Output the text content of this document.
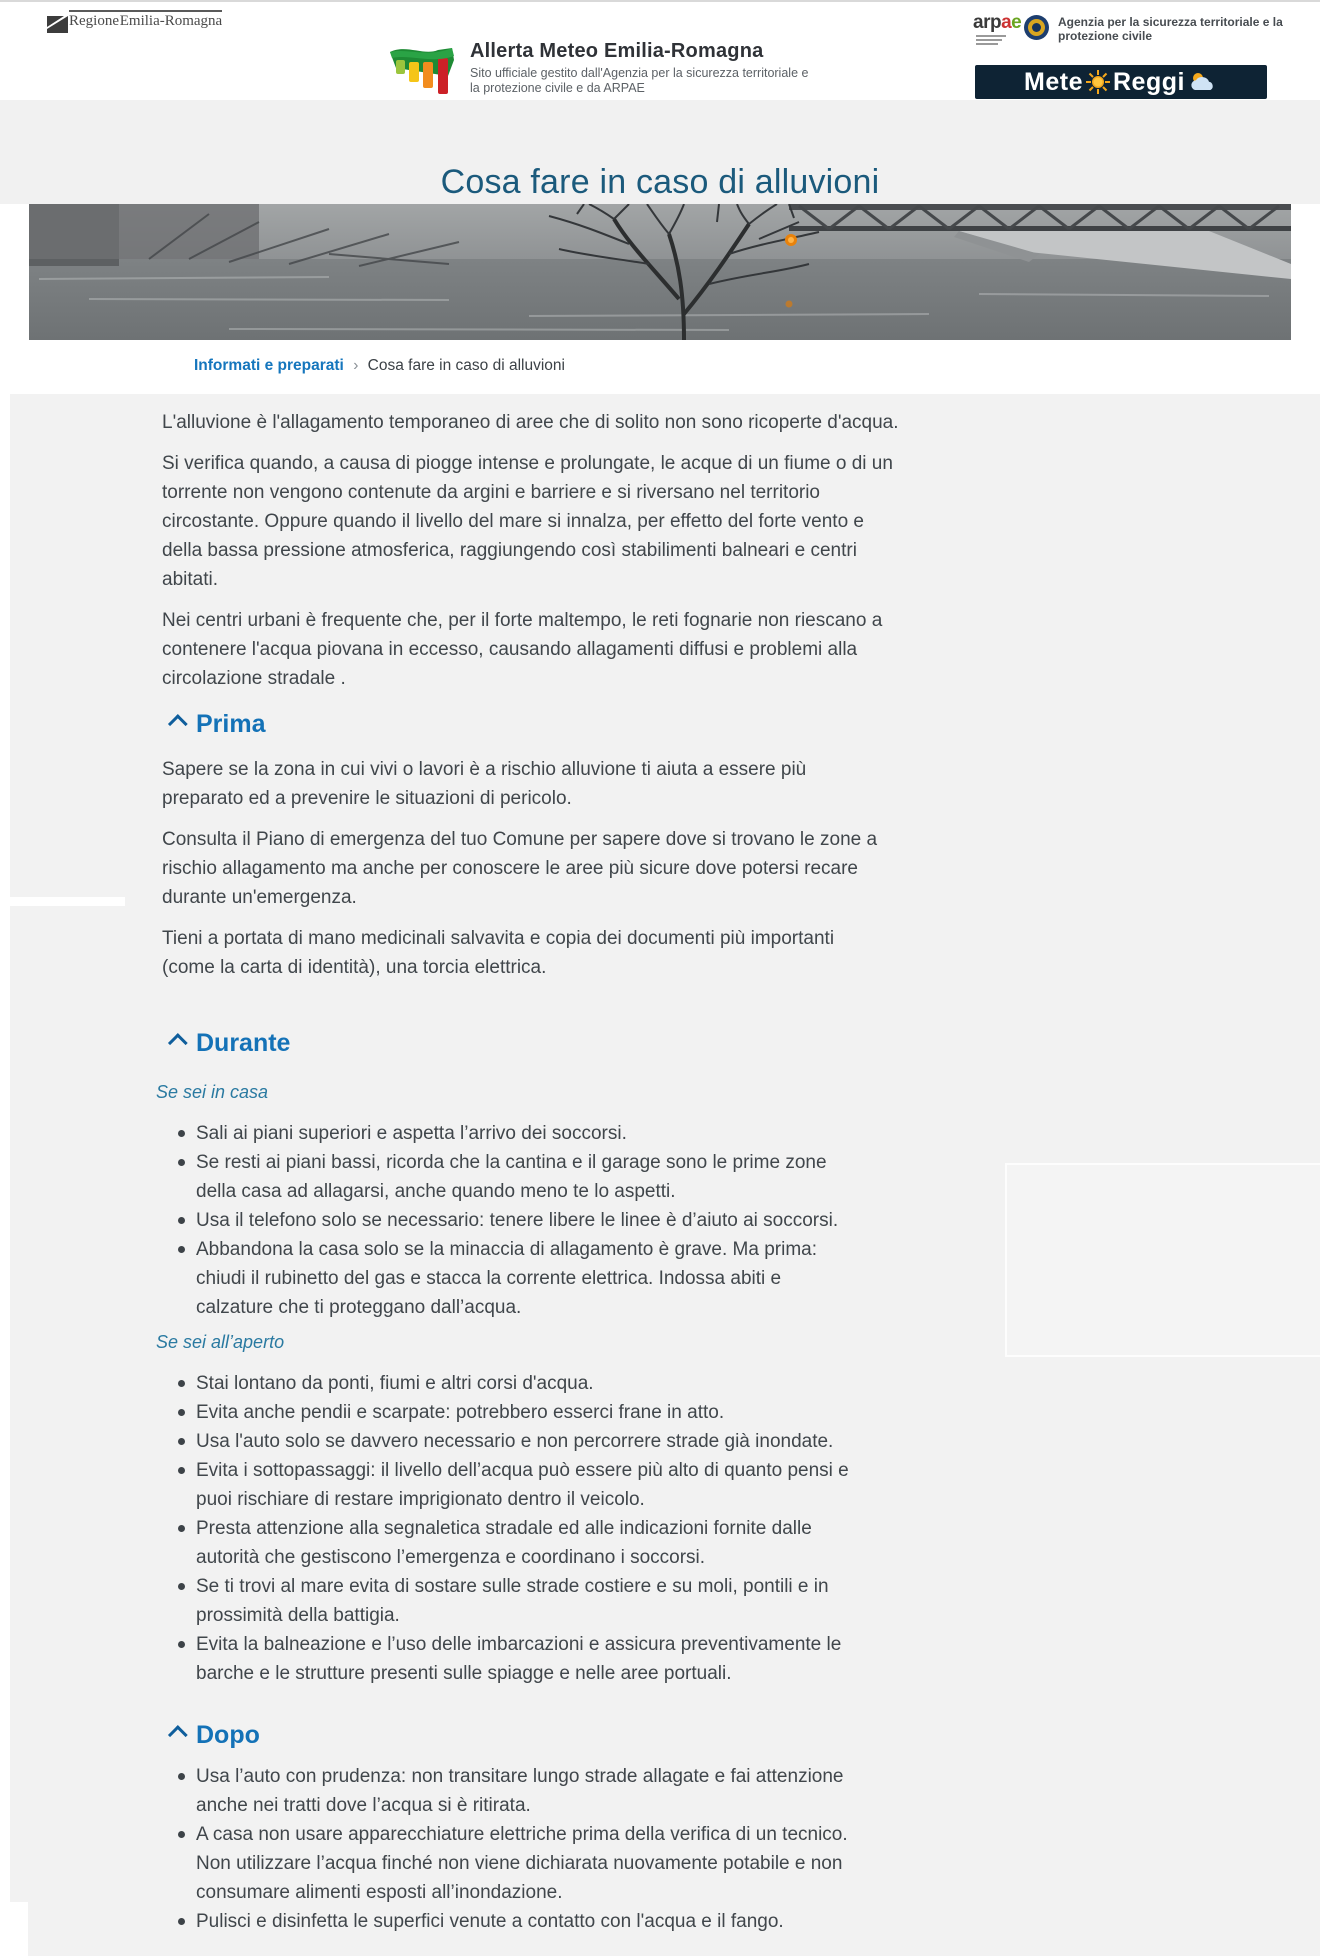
Regione Emilia-Romagna
Allerta Meteo Emilia-Romagna
Sito ufficiale gestito dall'Agenzia per la sicurezza territoriale e
la protezione civile e da ARPAE
arpae	Agenzia per la sicurezza territoriale e la
protezione civile
Mete Reggi
Cosa fare in caso di alluvioni
Informati e preparati › Cosa fare in caso di alluvioni
L'alluvione è l'allagamento temporaneo di aree che di solito non sono ricoperte d'acqua.
Si verifica quando, a causa di piogge intense e prolungate, le acque di un fiume o di un
torrente non vengono contenute da argini e barriere e si riversano nel territorio
circostante. Oppure quando il livello del mare si innalza, per effetto del forte vento e
della bassa pressione atmosferica, raggiungendo così stabilimenti balneari e centri
abitati.
Nei centri urbani è frequente che, per il forte maltempo, le reti fognarie non riescano a
contenere l'acqua piovana in eccesso, causando allagamenti diffusi e problemi alla
circolazione stradale .
Prima
Sapere se la zona in cui vivi o lavori è a rischio alluvione ti aiuta a essere più
preparato ed a prevenire le situazioni di pericolo.
Consulta il Piano di emergenza del tuo Comune per sapere dove si trovano le zone a
rischio allagamento ma anche per conoscere le aree più sicure dove potersi recare
durante un'emergenza.
Tieni a portata di mano medicinali salvavita e copia dei documenti più importanti
(come la carta di identità), una torcia elettrica.
Durante
Se sei in casa
Sali ai piani superiori e aspetta l’arrivo dei soccorsi.
Se resti ai piani bassi, ricorda che la cantina e il garage sono le prime zone
della casa ad allagarsi, anche quando meno te lo aspetti.
Usa il telefono solo se necessario: tenere libere le linee è d’aiuto ai soccorsi.
Abbandona la casa solo se la minaccia di allagamento è grave. Ma prima:
chiudi il rubinetto del gas e stacca la corrente elettrica. Indossa abiti e
calzature che ti proteggano dall’acqua.
Se sei all’aperto
Stai lontano da ponti, fiumi e altri corsi d'acqua.
Evita anche pendii e scarpate: potrebbero esserci frane in atto.
Usa l'auto solo se davvero necessario e non percorrere strade già inondate.
Evita i sottopassaggi: il livello dell’acqua può essere più alto di quanto pensi e
puoi rischiare di restare imprigionato dentro il veicolo.
Presta attenzione alla segnaletica stradale ed alle indicazioni fornite dalle
autorità che gestiscono l’emergenza e coordinano i soccorsi.
Se ti trovi al mare evita di sostare sulle strade costiere e su moli, pontili e in
prossimità della battigia.
Evita la balneazione e l’uso delle imbarcazioni e assicura preventivamente le
barche e le strutture presenti sulle spiagge e nelle aree portuali.
Dopo
Usa l’auto con prudenza: non transitare lungo strade allagate e fai attenzione
anche nei tratti dove l’acqua si è ritirata.
A casa non usare apparecchiature elettriche prima della verifica di un tecnico.
Non utilizzare l’acqua finché non viene dichiarata nuovamente potabile e non
consumare alimenti esposti all’inondazione.
Pulisci e disinfetta le superfici venute a contatto con l'acqua e il fango.
